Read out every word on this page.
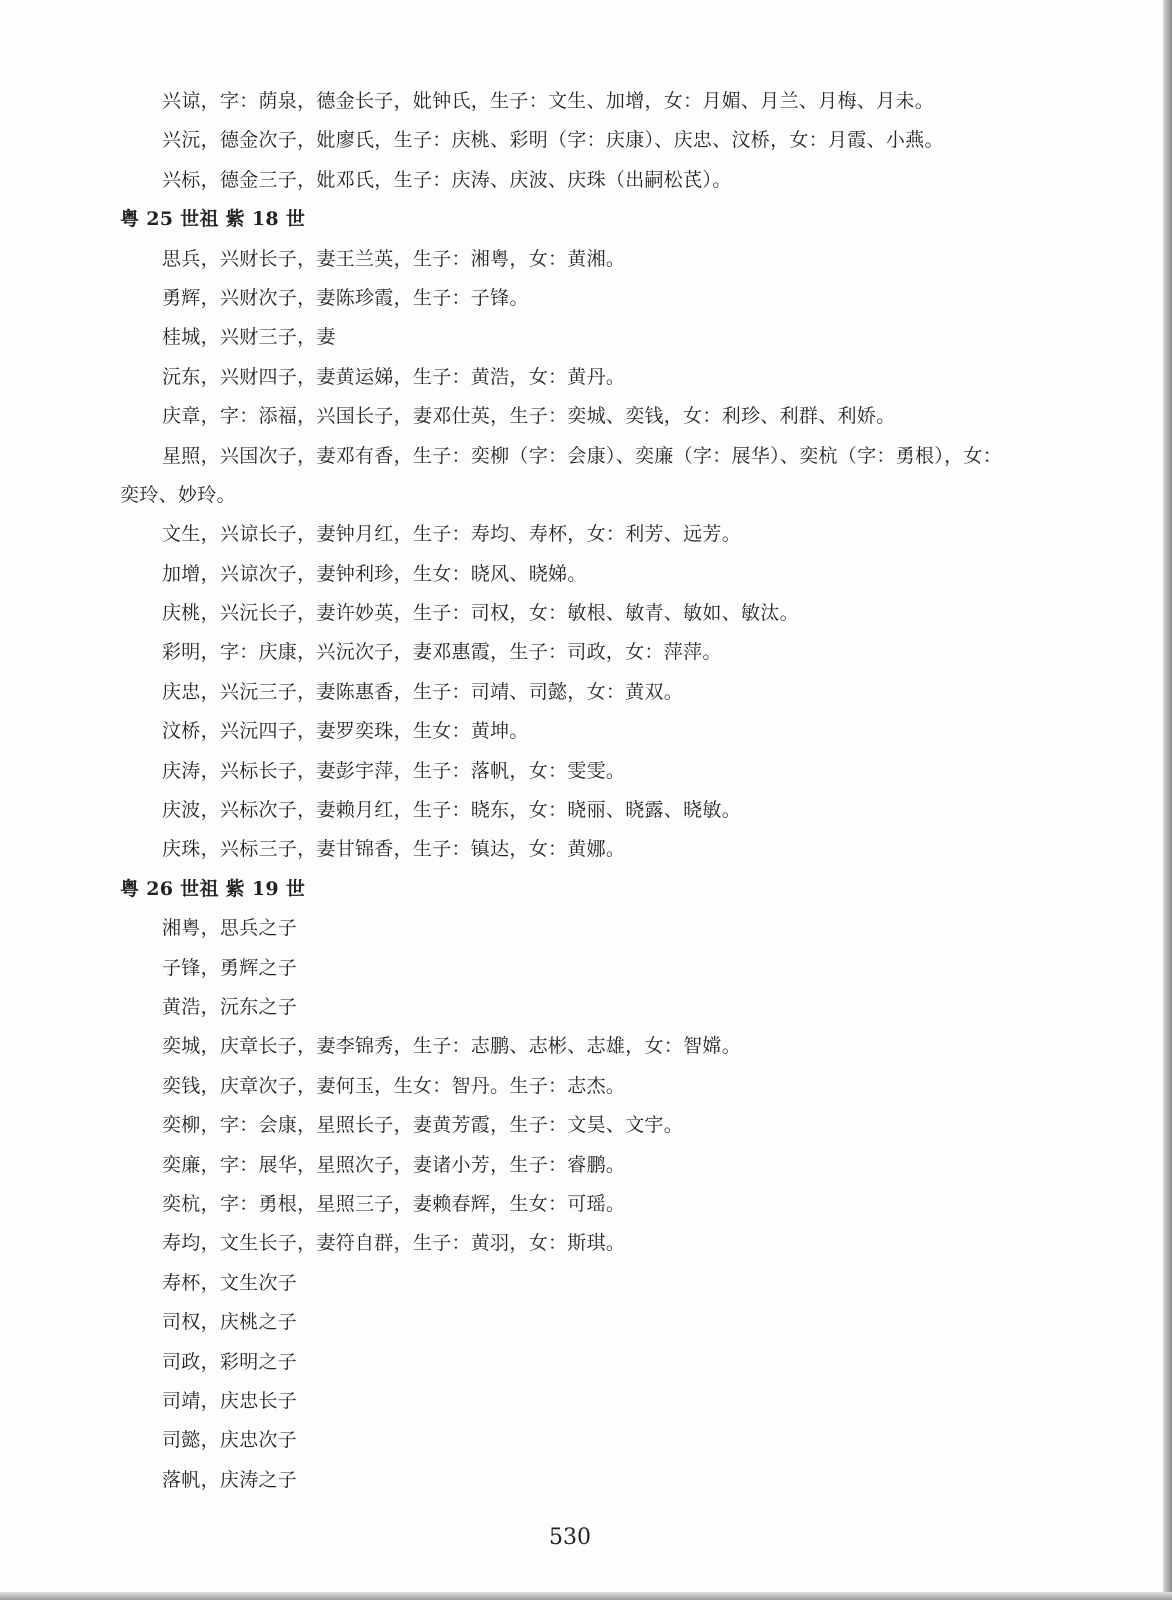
兴谅，字：荫泉，德金长子，妣钟氏，生子：文生、加增，女：月媚、月兰、月梅、月未。
兴沅，德金次子，妣廖氏，生子：庆桃、彩明（字：庆康）、庆忠、汶桥，女：月霞、小燕。
兴标，德金三子，妣邓氏，生子：庆涛、庆波、庆珠（出嗣松芪）。
粤 25 世祖 紫 18 世
思兵，兴财长子，妻王兰英，生子：湘粤，女：黄湘。
勇辉，兴财次子，妻陈珍霞，生子：子锋。
桂城，兴财三子，妻
沅东，兴财四子，妻黄运娣，生子：黄浩，女：黄丹。
庆章，字：添福，兴国长子，妻邓仕英，生子：奕城、奕钱，女：利珍、利群、利娇。
星照，兴国次子，妻邓有香，生子：奕柳（字：会康）、奕廉（字：展华）、奕杭（字：勇根），女：
奕玲、妙玲。
文生，兴谅长子，妻钟月红，生子：寿均、寿杯，女：利芳、远芳。
加增，兴谅次子，妻钟利珍，生女：晓风、晓娣。
庆桃，兴沅长子，妻许妙英，生子：司权，女：敏根、敏青、敏如、敏汰。
彩明，字：庆康，兴沅次子，妻邓惠霞，生子：司政，女：萍萍。
庆忠，兴沅三子，妻陈惠香，生子：司靖、司懿，女：黄双。
汶桥，兴沅四子，妻罗奕珠，生女：黄坤。
庆涛，兴标长子，妻彭宇萍，生子：落帆，女：雯雯。
庆波，兴标次子，妻赖月红，生子：晓东，女：晓丽、晓露、晓敏。
庆珠，兴标三子，妻甘锦香，生子：镇达，女：黄娜。
粤 26 世祖 紫 19 世
湘粤，思兵之子
子锋，勇辉之子
黄浩，沅东之子
奕城，庆章长子，妻李锦秀，生子：志鹏、志彬、志雄，女：智嫦。
奕钱，庆章次子，妻何玉，生女：智丹。生子：志杰。
奕柳，字：会康，星照长子，妻黄芳霞，生子：文昊、文宇。
奕廉，字：展华，星照次子，妻诸小芳，生子：睿鹏。
奕杭，字：勇根，星照三子，妻赖春辉，生女：可瑶。
寿均，文生长子，妻符自群，生子：黄羽，女：斯琪。
寿杯，文生次子
司权，庆桃之子
司政，彩明之子
司靖，庆忠长子
司懿，庆忠次子
落帆，庆涛之子
530
